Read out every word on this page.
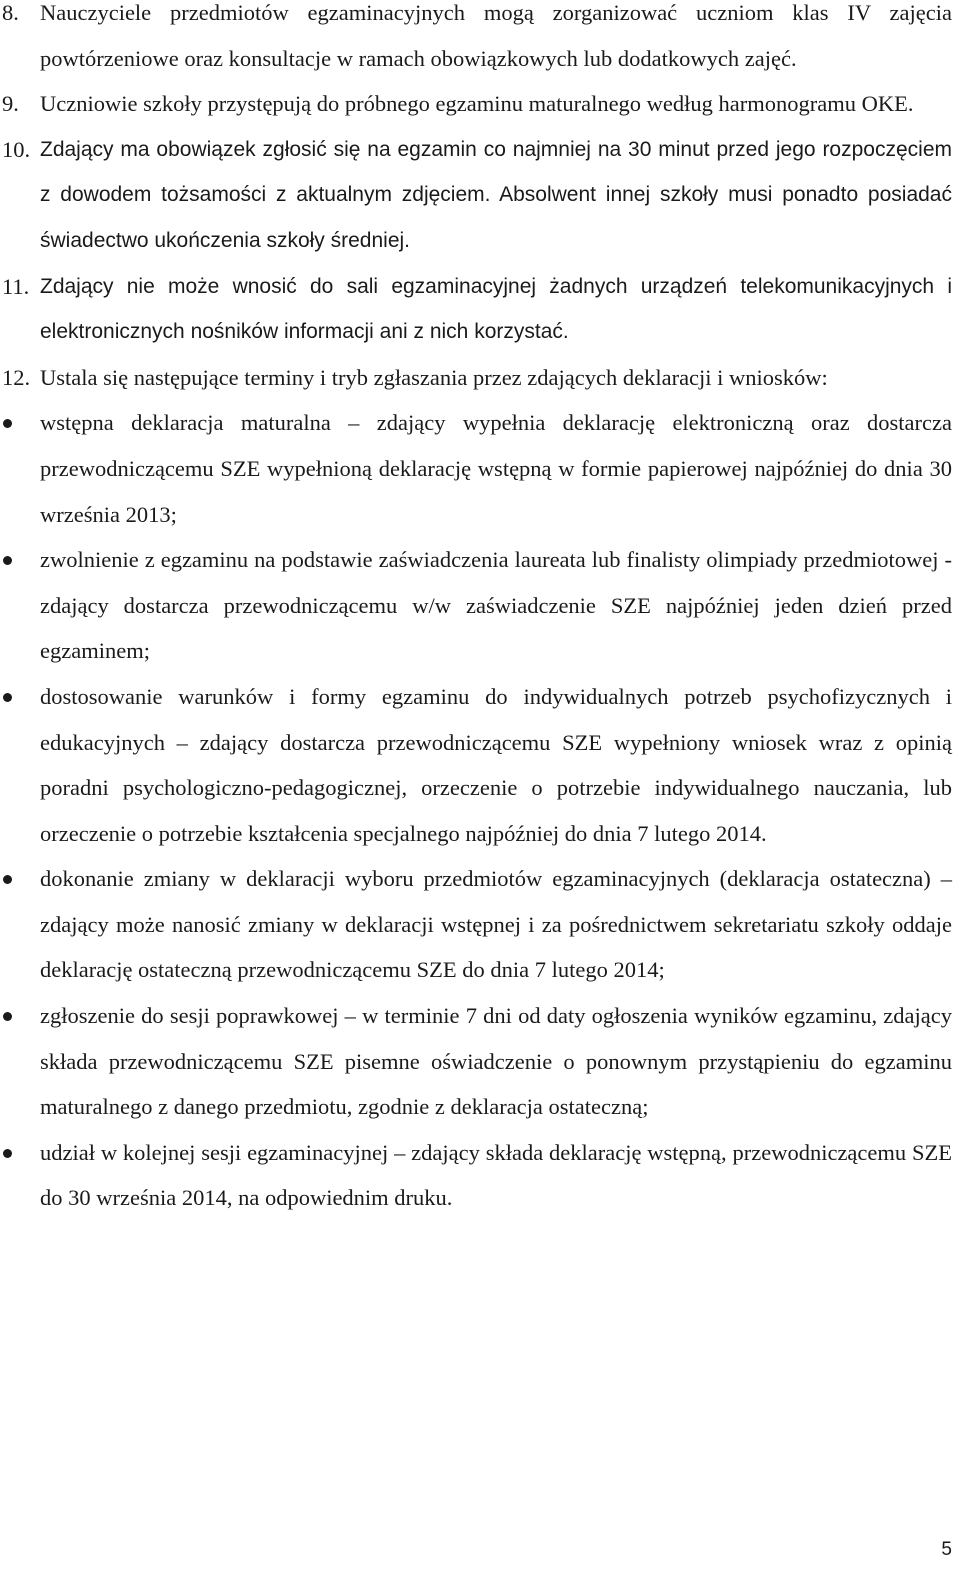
8. Nauczyciele przedmiotów egzaminacyjnych mogą zorganizować uczniom klas IV zajęcia powtórzeniowe oraz konsultacje w ramach obowiązkowych lub dodatkowych zajęć.
9. Uczniowie szkoły przystępują do próbnego egzaminu maturalnego według harmonogramu OKE.
10. Zdający ma obowiązek zgłosić się na egzamin co najmniej na 30 minut przed jego rozpoczęciem z dowodem tożsamości z aktualnym zdjęciem. Absolwent innej szkoły musi ponadto posiadać świadectwo ukończenia szkoły średniej.
11. Zdający nie może wnosić do sali egzaminacyjnej żadnych urządzeń telekomunikacyjnych i elektronicznych nośników informacji ani z nich korzystać.
12. Ustala się następujące terminy i tryb zgłaszania przez zdających deklaracji i wniosków:
wstępna deklaracja maturalna – zdający wypełnia deklarację elektroniczną oraz dostarcza przewodniczącemu SZE wypełnioną deklarację wstępną w formie papierowej najpóźniej do dnia 30 września 2013;
zwolnienie z egzaminu na podstawie zaświadczenia laureata lub finalisty olimpiady przedmiotowej - zdający dostarcza przewodniczącemu w/w zaświadczenie SZE najpóźniej jeden dzień przed egzaminem;
dostosowanie warunków i formy egzaminu do indywidualnych potrzeb psychofizycznych i edukacyjnych – zdający dostarcza przewodniczącemu SZE wypełniony wniosek wraz z opinią poradni psychologiczno-pedagogicznej, orzeczenie o potrzebie indywidualnego nauczania, lub orzeczenie o potrzebie kształcenia specjalnego najpóźniej do dnia 7 lutego 2014.
dokonanie zmiany w deklaracji wyboru przedmiotów egzaminacyjnych (deklaracja ostateczna) – zdający może nanosić zmiany w deklaracji wstępnej i za pośrednictwem sekretariatu szkoły oddaje deklarację ostateczną przewodniczącemu SZE do dnia 7 lutego 2014;
zgłoszenie do sesji poprawkowej – w terminie 7 dni od daty ogłoszenia wyników egzaminu, zdający składa przewodniczącemu SZE pisemne oświadczenie o ponownym przystąpieniu do egzaminu maturalnego z danego przedmiotu, zgodnie z deklaracja ostateczną;
udział w kolejnej sesji egzaminacyjnej – zdający składa deklarację wstępną, przewodniczącemu SZE do 30 września 2014, na odpowiednim druku.
5
